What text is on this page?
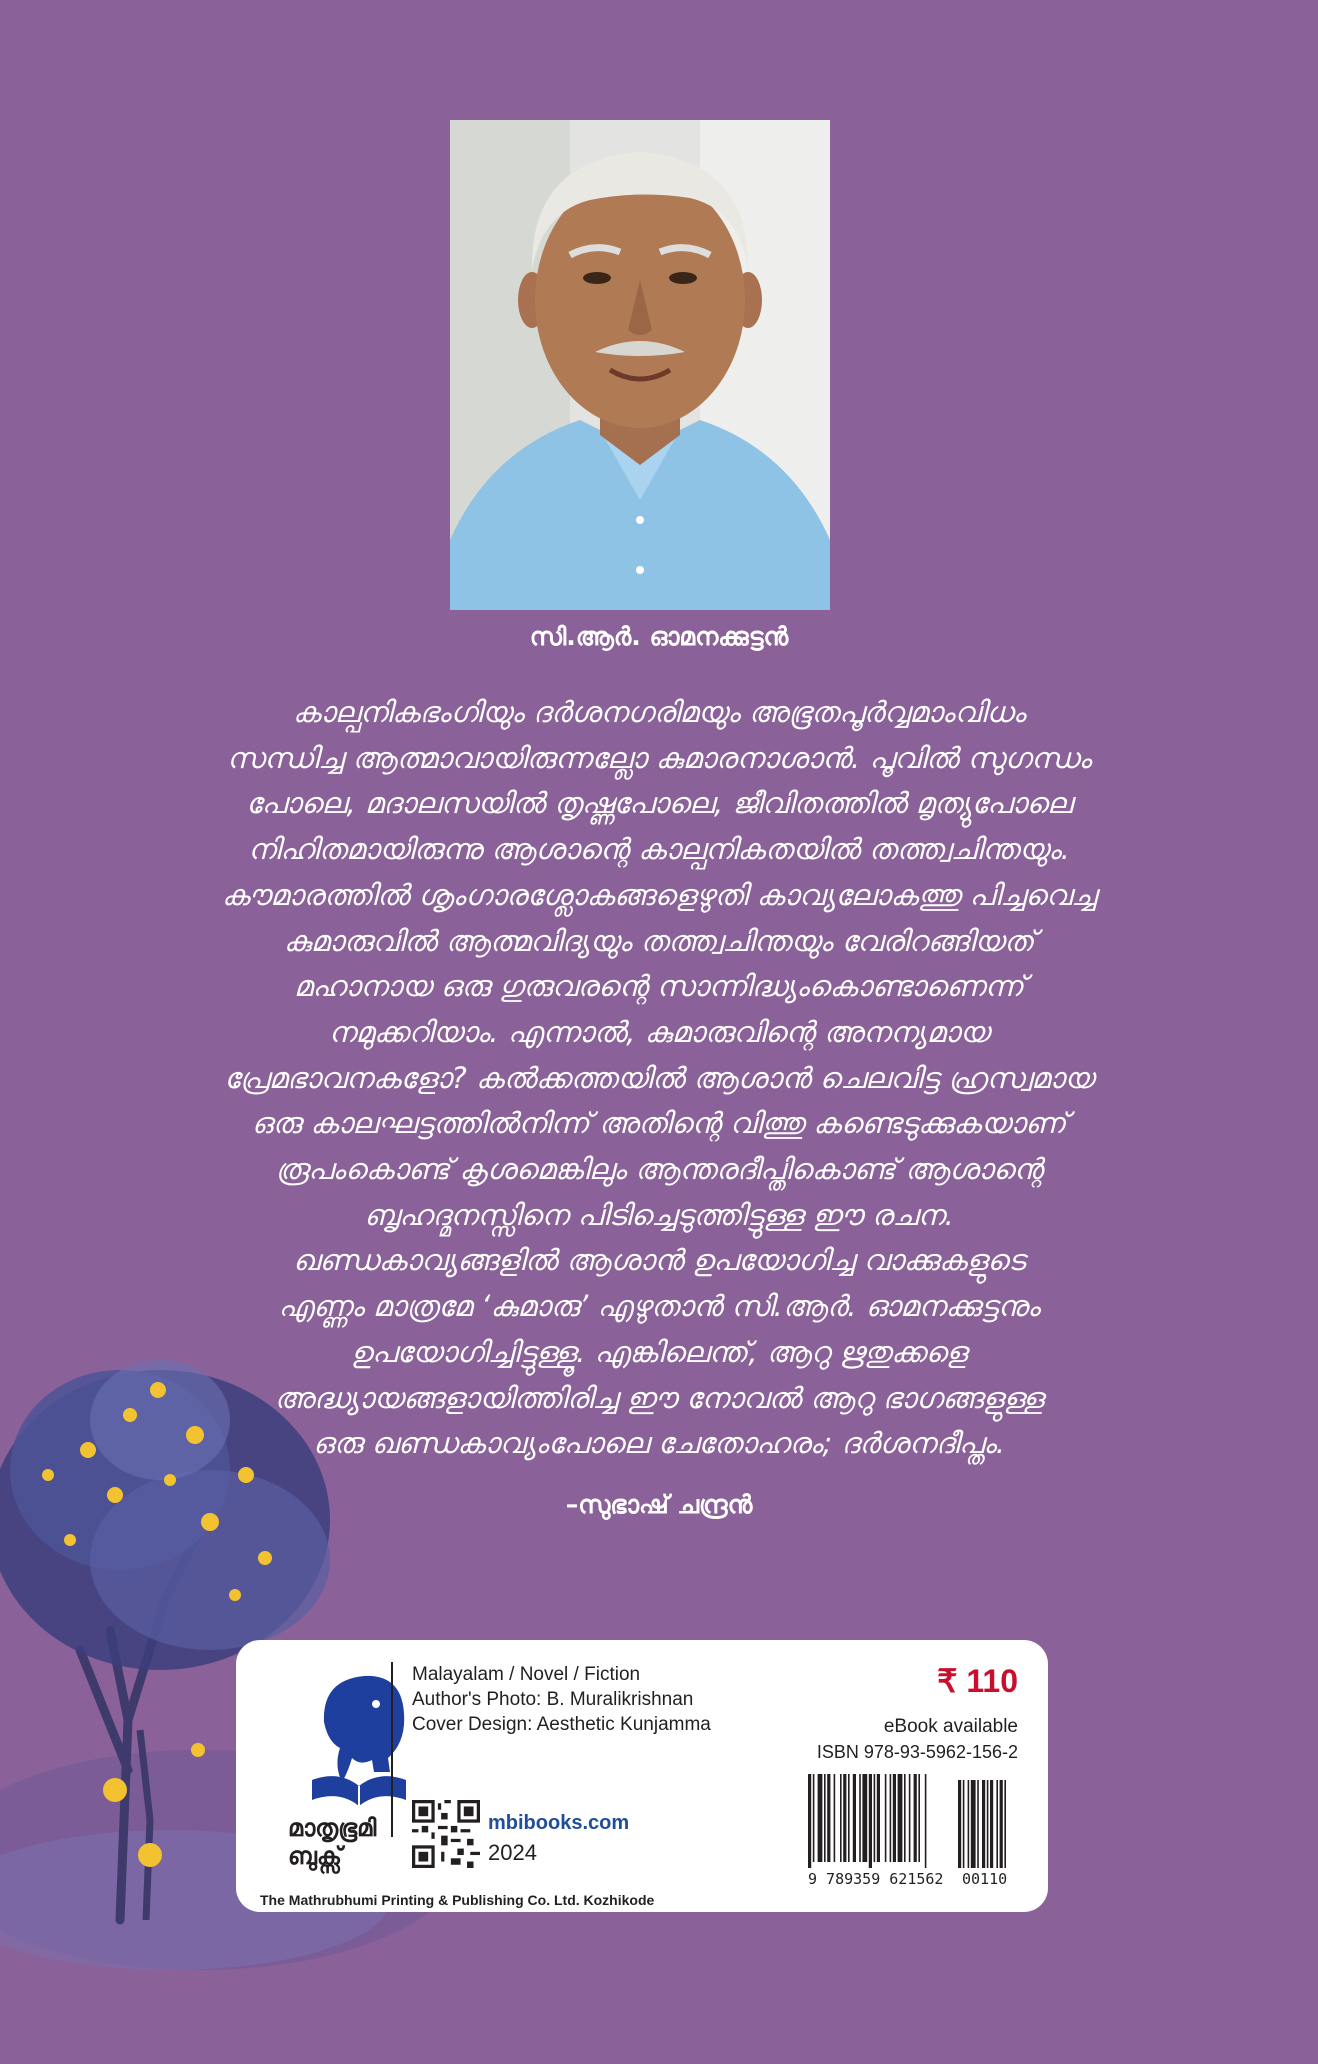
സി.ആർ. ഓമനക്കുട്ടൻ

കാല്പനികഭംഗിയും ദർശനഗരിമയും അഭൂതപൂർവ്വമാംവിധം

സന്ധിച്ച ആത്മാവായിരുന്നല്ലോ കുമാരനാശാൻ. പൂവിൽ സുഗന്ധം

പോലെ, മദാലസയിൽ തൃഷ്ണപോലെ, ജീവിതത്തിൽ മൃത്യുപോലെ

നിഹിതമായിരുന്നു ആശാന്റെ കാല്പനികതയിൽ തത്ത്വചിന്തയും.

കൗമാരത്തിൽ ശൃംഗാരശ്ലോകങ്ങളെഴുതി കാവ്യലോകത്തു പിച്ചവെച്ച

കുമാരുവിൽ ആത്മവിദ്യയും തത്ത്വചിന്തയും വേരിറങ്ങിയത്

മഹാനായ ഒരു ഗുരുവരന്റെ സാന്നിദ്ധ്യംകൊണ്ടാണെന്ന്

നമുക്കറിയാം. എന്നാൽ, കുമാരുവിന്റെ അനന്യമായ

പ്രേമഭാവനകളോ? കൽക്കത്തയിൽ ആശാൻ ചെലവിട്ട ഹ്രസ്വമായ

ഒരു കാലഘട്ടത്തിൽനിന്ന് അതിന്റെ വിത്തു കണ്ടെടുക്കുകയാണ്

രൂപംകൊണ്ട് കൃശമെങ്കിലും ആന്തരദീപ്തികൊണ്ട് ആശാന്റെ

ബൃഹദ്മനസ്സിനെ പിടിച്ചെടുത്തിട്ടുള്ള ഈ രചന.

ഖണ്ഡകാവ്യങ്ങളിൽ ആശാൻ ഉപയോഗിച്ച വാക്കുകളുടെ

എണ്ണം മാത്രമേ ‘കുമാരു’ എഴുതാൻ സി.ആർ. ഓമനക്കുട്ടനും

ഉപയോഗിച്ചിട്ടുള്ളൂ. എങ്കിലെന്ത്, ആറു ഋതുക്കളെ

അദ്ധ്യായങ്ങളായിത്തിരിച്ച ഈ നോവൽ ആറു ഭാഗങ്ങളുള്ള

ഒരു ഖണ്ഡകാവ്യംപോലെ ചേതോഹരം; ദർശനദീപ്തം.

–സുഭാഷ് ചന്ദ്രൻ
മാതൃഭൂമി
ബുക്സ്
The Mathrubhumi Printing & Publishing Co. Ltd. Kozhikode
Malayalam / Novel / Fiction
Author's Photo: B. Muralikrishnan
Cover Design: Aesthetic Kunjamma
mbibooks.com
2024
₹ 110
eBook available
ISBN 978-93-5962-156-2
9 789359 621562 00110
